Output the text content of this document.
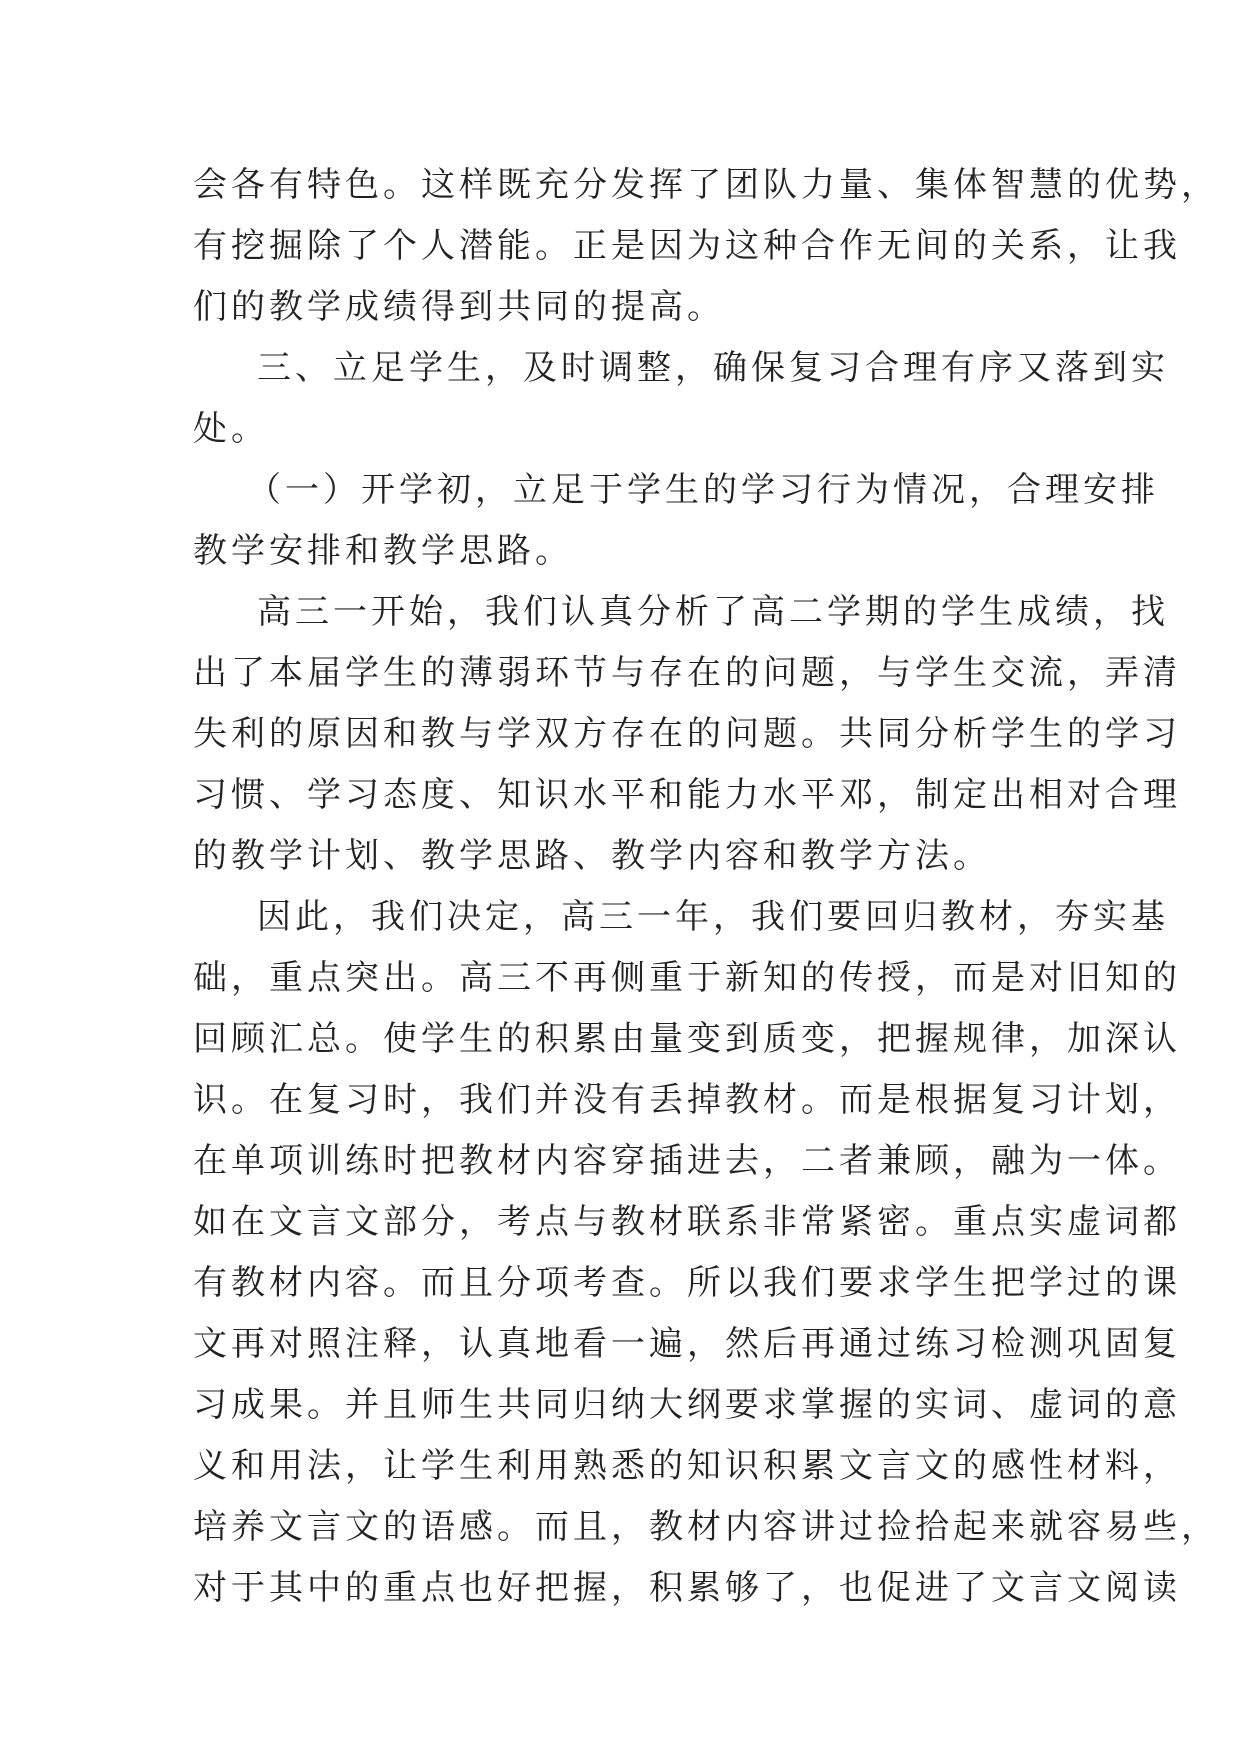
会各有特色。这样既充分发挥了团队力量、集体智慧的优势，
有挖掘除了个人潜能。正是因为这种合作无间的关系，让我
们的教学成绩得到共同的提高。
三、立足学生，及时调整，确保复习合理有序又落到实
处。
（一）开学初，立足于学生的学习行为情况，合理安排
教学安排和教学思路。
高三一开始，我们认真分析了高二学期的学生成绩，找
出了本届学生的薄弱环节与存在的问题，与学生交流，弄清
失利的原因和教与学双方存在的问题。共同分析学生的学习
习惯、学习态度、知识水平和能力水平邓，制定出相对合理
的教学计划、教学思路、教学内容和教学方法。
因此，我们决定，高三一年，我们要回归教材，夯实基
础，重点突出。高三不再侧重于新知的传授，而是对旧知的
回顾汇总。使学生的积累由量变到质变，把握规律，加深认
识。在复习时，我们并没有丢掉教材。而是根据复习计划，
在单项训练时把教材内容穿插进去，二者兼顾，融为一体。
如在文言文部分，考点与教材联系非常紧密。重点实虚词都
有教材内容。而且分项考查。所以我们要求学生把学过的课
文再对照注释，认真地看一遍，然后再通过练习检测巩固复
习成果。并且师生共同归纳大纲要求掌握的实词、虚词的意
义和用法，让学生利用熟悉的知识积累文言文的感性材料，
培养文言文的语感。而且，教材内容讲过捡拾起来就容易些，
对于其中的重点也好把握，积累够了，也促进了文言文阅读
